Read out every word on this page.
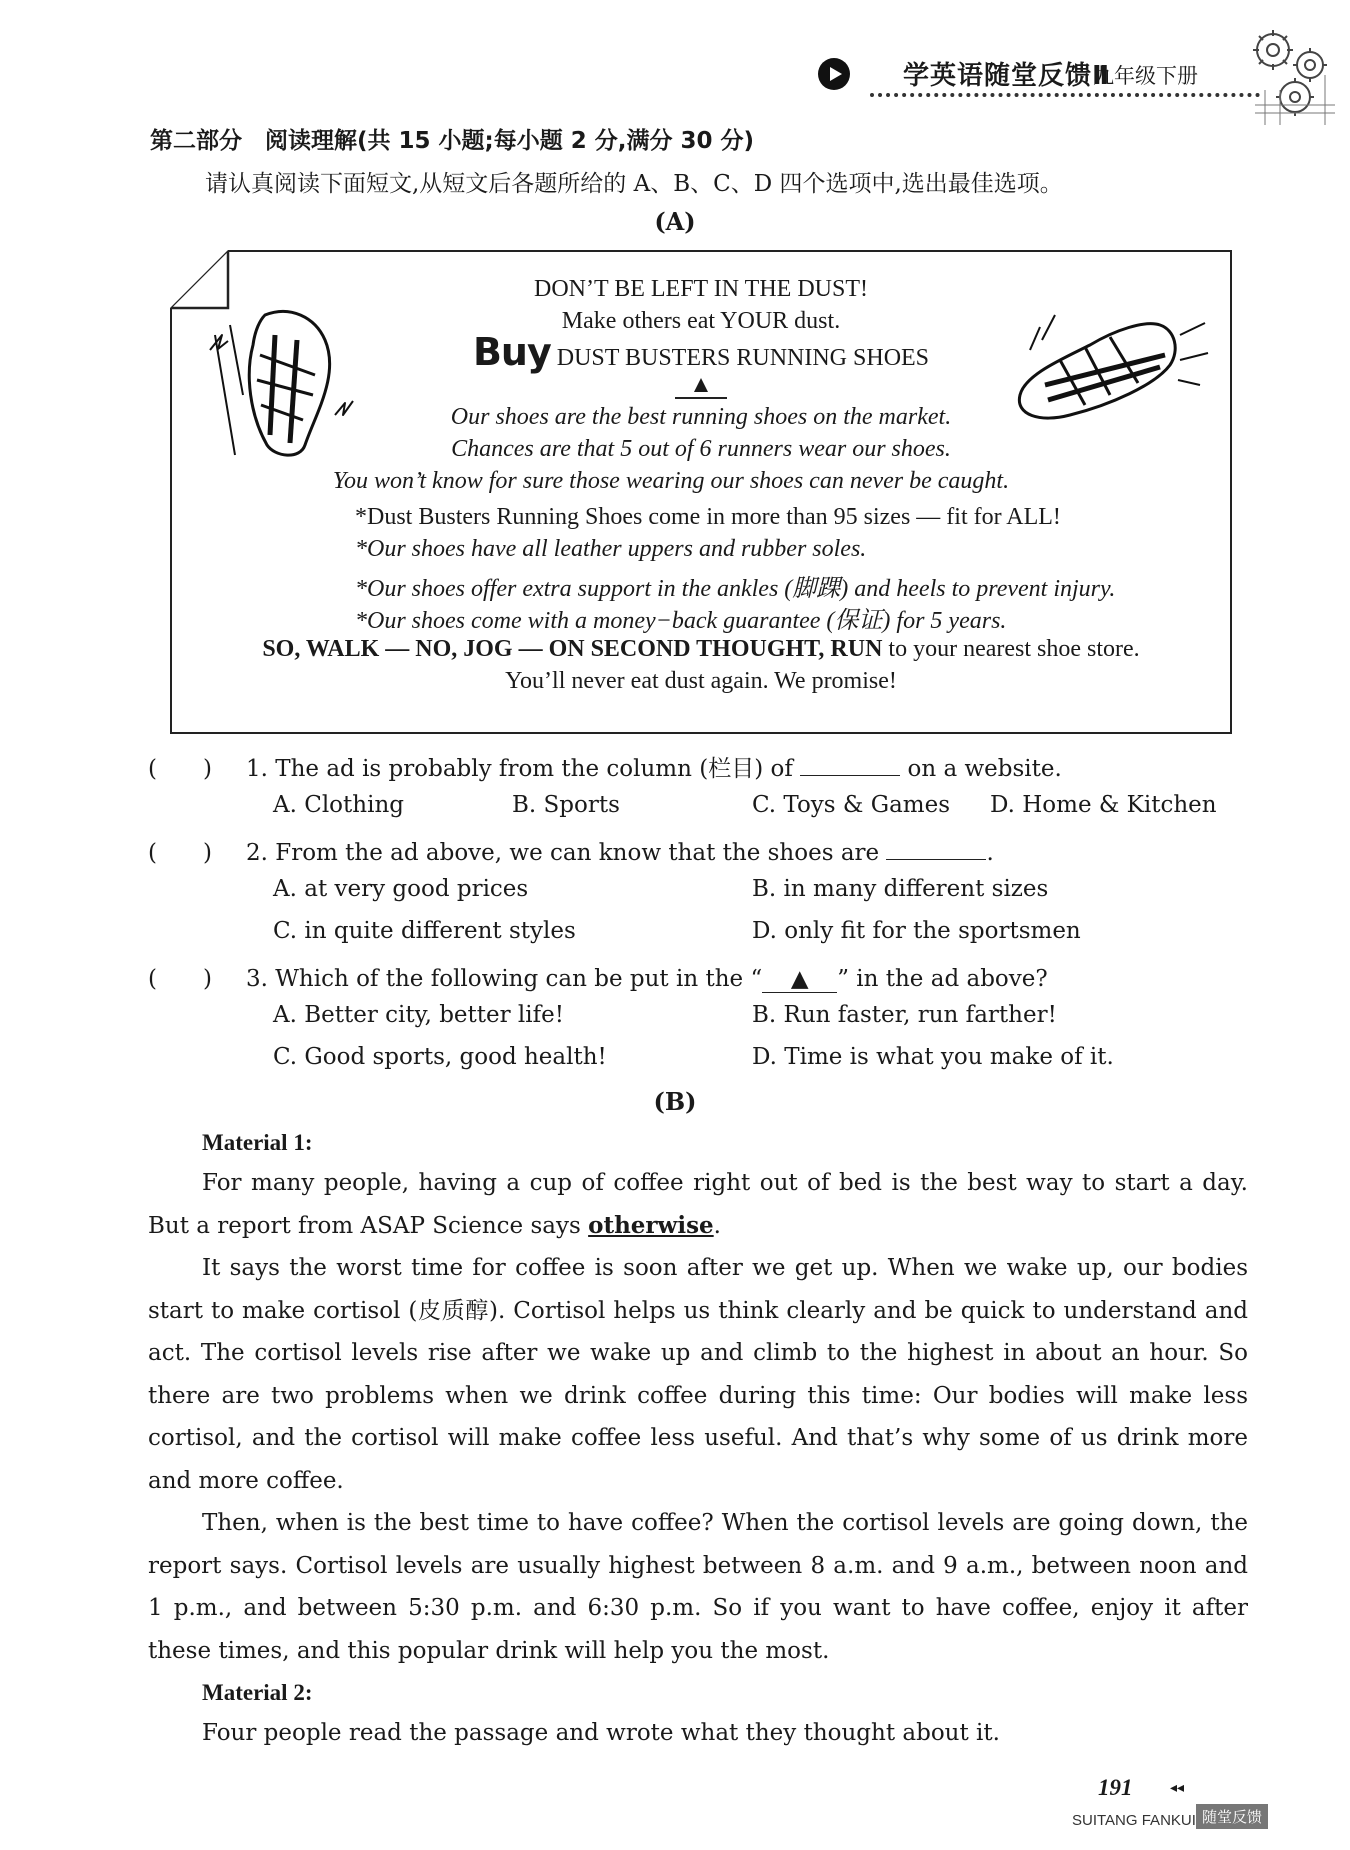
学英语随堂反馈Ⅱ
九年级下册
第二部分　阅读理解(共 15 小题;每小题 2 分,满分 30 分)
请认真阅读下面短文,从短文后各题所给的 A、B、C、D 四个选项中,选出最佳选项。
(A)
DON’T BE LEFT IN THE DUST!
Make others eat YOUR dust.
Buy DUST BUSTERS RUNNING SHOES
▲
Our shoes are the best running shoes on the market.
Chances are that 5 out of 6 runners wear our shoes.
You won’t know for sure those wearing our shoes can never be caught.
*Dust Busters Running Shoes come in more than 95 sizes — fit for ALL!
*Our shoes have all leather uppers and rubber soles.
*Our shoes offer extra support in the ankles (脚踝) and heels to prevent injury.
*Our shoes come with a money−back guarantee (保证) for 5 years.
SO, WALK — NO, JOG — ON SECOND THOUGHT, RUN to your nearest shoe store.
You’ll never eat dust again. We promise!
(　　) 1. The ad is probably from the column (栏目) of	on a website.
A. Clothing	B. Sports	C. Toys & Games D. Home & Kitchen
(　　) 2. From the ad above, we can know that the shoes are	.
A. at very good prices	B. in many different sizes
C. in quite different styles	D. only fit for the sportsmen
(　　) 3. Which of the following can be put in the “ ▲ ” in the ad above?
A. Better city, better life!	B. Run faster, run farther!
C. Good sports, good health!	D. Time is what you make of it.
(B)
Material 1:
For many people, having a cup of coffee right out of bed is the best way to start a day. But a report from ASAP Science says otherwise.
It says the worst time for coffee is soon after we get up. When we wake up, our bodies start to make cortisol (皮质醇). Cortisol helps us think clearly and be quick to understand and act. The cortisol levels rise after we wake up and climb to the highest in about an hour. So there are two problems when we drink coffee during this time: Our bodies will make less cortisol, and the cortisol will make coffee less useful. And that’s why some of us drink more and more coffee.
Then, when is the best time to have coffee? When the cortisol levels are going down, the report says. Cortisol levels are usually highest between 8 a.m. and 9 a.m., between noon and 1 p.m., and between 5:30 p.m. and 6:30 p.m. So if you want to have coffee, enjoy it after these times, and this popular drink will help you the most.
Material 2:
Four people read the passage and wrote what they thought about it.
191	◂◂
SUITANG FANKUI 随堂反馈
